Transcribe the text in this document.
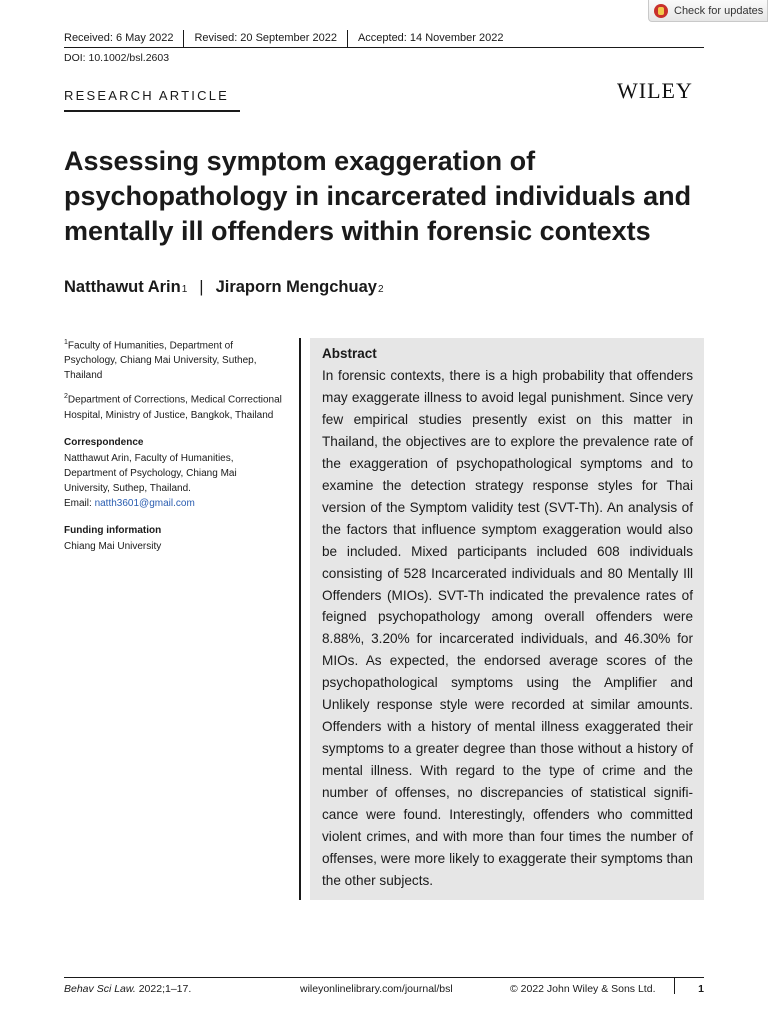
Check for updates
Received: 6 May 2022 Revised: 20 September 2022 Accepted: 14 November 2022
DOI: 10.1002/bsl.2603
RESEARCH ARTICLE	WILEY
Assessing symptom exaggeration of psychopathology in incarcerated individuals and mentally ill offenders within forensic contexts
Natthawut Arin 1 | Jiraporn Mengchuay 2

$^1$Faculty of Humanities, Department of Psychology, Chiang Mai University, Suthep, Thailand

$^2$Department of Corrections, Medical Correctional Hospital, Ministry of Justice, Bangkok, Thailand

Correspondence

Natthawut Arin, Faculty of Humanities, Department of Psychology, Chiang Mai University, Suthep, Thailand.
Email: natth3601@gmail.com

Funding information

Chiang Mai University

Abstract

In forensic contexts, there is a high probability that offenders may exaggerate illness to avoid legal punishment. Since very few empirical studies presently exist on this matter in Thailand, the objectives are to explore the prevalence rate of the exaggeration of psychopathological symptoms and to examine the detection strategy response styles for Thai version of the Symptom validity test (SVT-Th). An analysis of the factors that influence symptom exaggeration would also be included. Mixed participants included 608 individuals consisting of 528 Incarcerated individuals and 80 Mentally Ill Offenders (MIOs). SVT-Th indicated the prevalence rates of feigned psychopathology among overall offenders were 8.88%, 3.20% for incarcerated individuals, and 46.30% for MIOs. As expected, the endorsed average scores of the psychopathological symptoms using the Amplifier and Unlikely response style were recorded at similar amounts. Offenders with a history of mental illness exaggerated their symptoms to a greater degree than those without a history of mental illness. With regard to the type of crime and the number of offenses, no discrepancies of statistical significance were found. Interestingly, offenders who committed violent crimes, and with more than four times the number of offenses, were more likely to exaggerate their symptoms than the other subjects.

Behav Sci Law. 2022;1–17.	wileyonlinelibrary.com/journal/bsl	© 2022 John Wiley & Sons Ltd.	1
